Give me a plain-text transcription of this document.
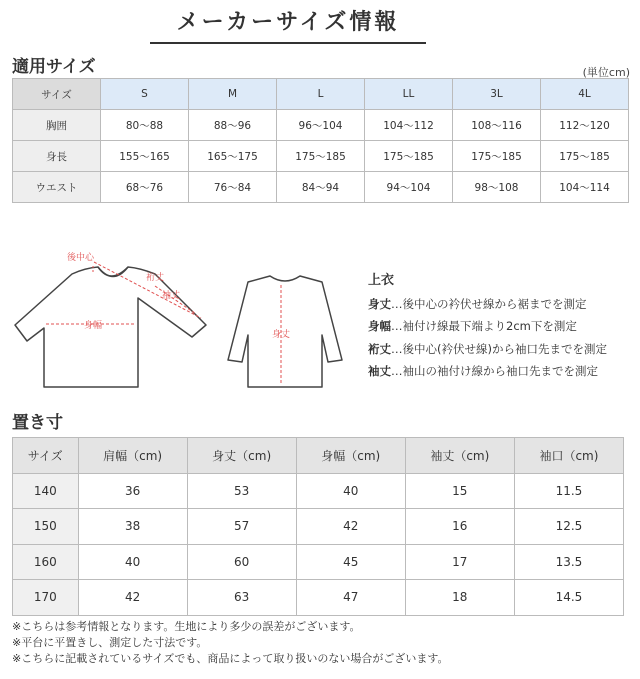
メーカーサイズ情報
適用サイズ	(単位cm)
サイズ	S	M	L	LL	3L	4L
胸囲	80～88	88～96	96～104	104～112	108～116	112～120
身長	155～165	165～175	175～185	175～185	175～185	175～185
ウエスト	68～76	76～84	84～94	94～104	98～108	104～114
後中心
裄丈
袖丈
身幅
身丈
上衣
身丈…後中心の衿伏せ線から裾までを測定
身幅…袖付け線最下端より2cm下を測定
裄丈…後中心(衿伏せ線)から袖口先までを測定
袖丈…袖山の袖付け線から袖口先までを測定
置き寸
サイズ	肩幅（cm)	身丈（cm)	身幅（cm)	袖丈（cm)	袖口（cm)
140	36	53	40	15	11.5
150	38	57	42	16	12.5
160	40	60	45	17	13.5
170	42	63	47	18	14.5
※こちらは参考情報となります。生地により多少の誤差がございます。
※平台に平置きし、測定した寸法です。
※こちらに記載されているサイズでも、商品によって取り扱いのない場合がございます。
